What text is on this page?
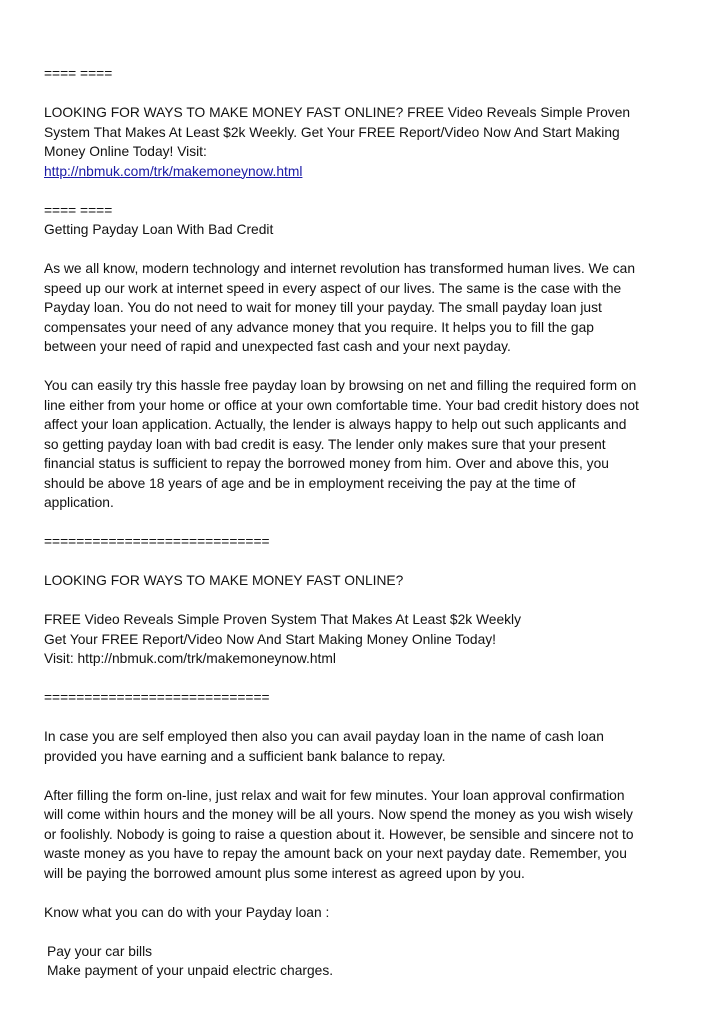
==== ====
LOOKING FOR WAYS TO MAKE MONEY FAST ONLINE? FREE Video Reveals Simple Proven
System That Makes At Least $2k Weekly. Get Your FREE Report/Video Now And Start Making
Money Online Today! Visit:
http://nbmuk.com/trk/makemoneynow.html
==== ====
Getting Payday Loan With Bad Credit
As we all know, modern technology and internet revolution has transformed human lives. We can
speed up our work at internet speed in every aspect of our lives. The same is the case with the
Payday loan. You do not need to wait for money till your payday. The small payday loan just
compensates your need of any advance money that you require. It helps you to fill the gap
between your need of rapid and unexpected fast cash and your next payday.
You can easily try this hassle free payday loan by browsing on net and filling the required form on
line either from your home or office at your own comfortable time. Your bad credit history does not
affect your loan application. Actually, the lender is always happy to help out such applicants and
so getting payday loan with bad credit is easy. The lender only makes sure that your present
financial status is sufficient to repay the borrowed money from him. Over and above this, you
should be above 18 years of age and be in employment receiving the pay at the time of
application.
============================
LOOKING FOR WAYS TO MAKE MONEY FAST ONLINE?
FREE Video Reveals Simple Proven System That Makes At Least $2k Weekly
Get Your FREE Report/Video Now And Start Making Money Online Today!
Visit: http://nbmuk.com/trk/makemoneynow.html
============================
In case you are self employed then also you can avail payday loan in the name of cash loan
provided you have earning and a sufficient bank balance to repay.
After filling the form on-line, just relax and wait for few minutes. Your loan approval confirmation
will come within hours and the money will be all yours. Now spend the money as you wish wisely
or foolishly. Nobody is going to raise a question about it. However, be sensible and sincere not to
waste money as you have to repay the amount back on your next payday date. Remember, you
will be paying the borrowed amount plus some interest as agreed upon by you.
Know what you can do with your Payday loan :
Pay your car bills
Make payment of your unpaid electric charges.
